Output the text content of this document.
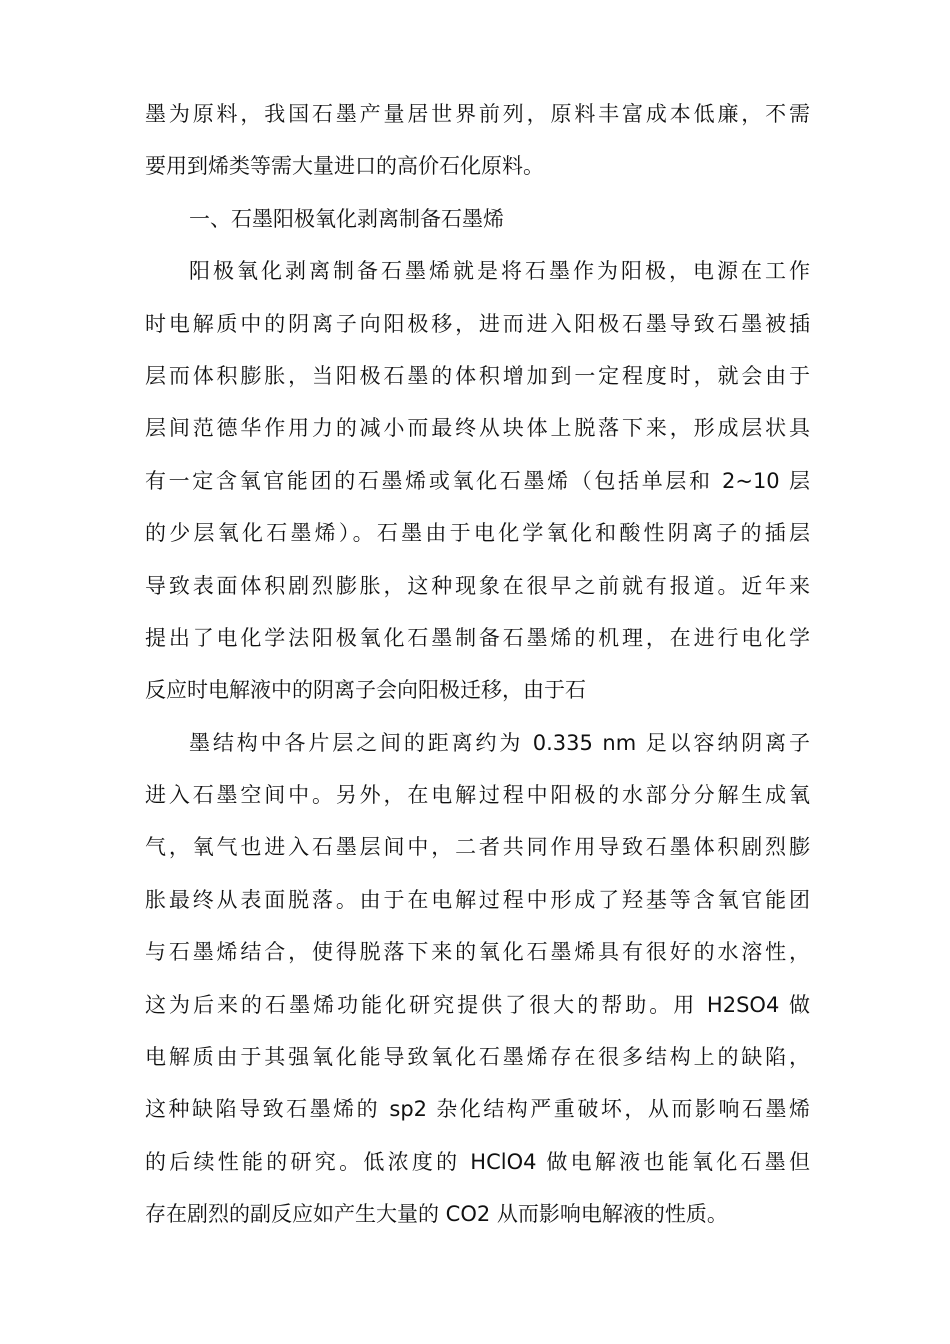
墨为原料，我国石墨产量居世界前列，原料丰富成本低廉，不需
要用到烯类等需大量进口的高价石化原料。
一、石墨阳极氧化剥离制备石墨烯
阳极氧化剥离制备石墨烯就是将石墨作为阳极，电源在工作
时电解质中的阴离子向阳极移，进而进入阳极石墨导致石墨被插
层而体积膨胀，当阳极石墨的体积增加到一定程度时，就会由于
层间范德华作用力的减小而最终从块体上脱落下来，形成层状具
有一定含氧官能团的石墨烯或氧化石墨烯（包括单层和 2~10 层
的少层氧化石墨烯）。石墨由于电化学氧化和酸性阴离子的插层
导致表面体积剧烈膨胀，这种现象在很早之前就有报道。近年来
提出了电化学法阳极氧化石墨制备石墨烯的机理，在进行电化学
反应时电解液中的阴离子会向阳极迁移，由于石
墨结构中各片层之间的距离约为 0.335 nm 足以容纳阴离子
进入石墨空间中。另外，在电解过程中阳极的水部分分解生成氧
气，氧气也进入石墨层间中，二者共同作用导致石墨体积剧烈膨
胀最终从表面脱落。由于在电解过程中形成了羟基等含氧官能团
与石墨烯结合，使得脱落下来的氧化石墨烯具有很好的水溶性，
这为后来的石墨烯功能化研究提供了很大的帮助。用 H2SO4 做
电解质由于其强氧化能导致氧化石墨烯存在很多结构上的缺陷，
这种缺陷导致石墨烯的 sp2 杂化结构严重破坏，从而影响石墨烯
的后续性能的研究。低浓度的 HClO4 做电解液也能氧化石墨但
存在剧烈的副反应如产生大量的 CO2 从而影响电解液的性质。
